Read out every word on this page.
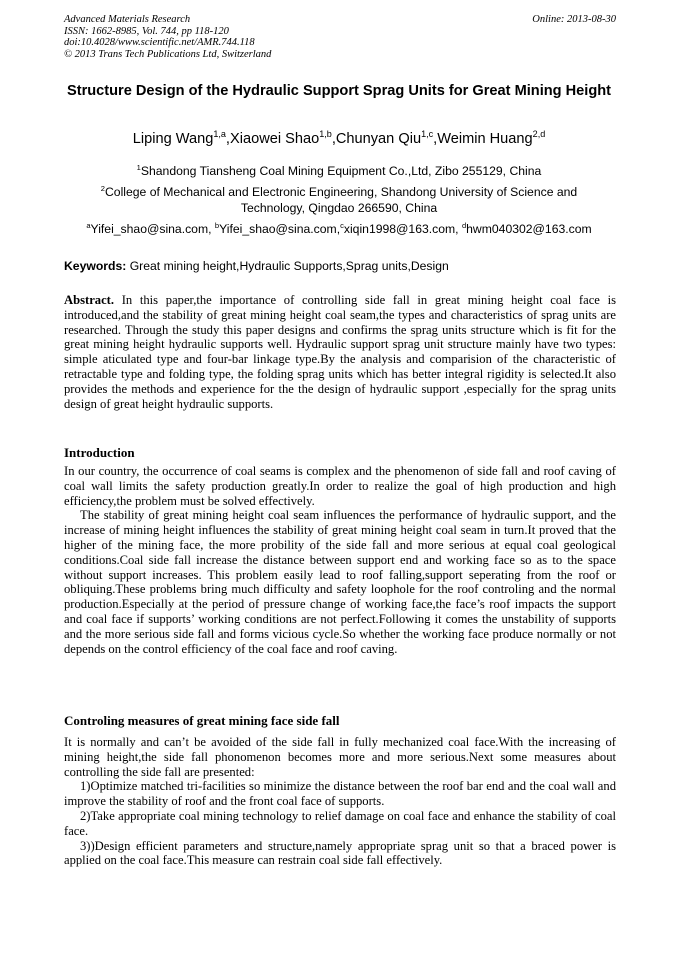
Advanced Materials Research
ISSN: 1662-8985, Vol. 744, pp 118-120
doi:10.4028/www.scientific.net/AMR.744.118
© 2013 Trans Tech Publications Ltd, Switzerland
Online: 2013-08-30
Structure Design of the Hydraulic Support Sprag Units for Great Mining Height
Liping Wang$^{1,a}$,Xiaowei Shao$^{1,b}$,Chunyan Qiu$^{1,c}$,Weimin Huang$^{2,d}$
$^1$Shandong Tiansheng Coal Mining Equipment Co.,Ltd, Zibo 255129, China
$^2$College of Mechanical and Electronic Engineering, Shandong University of Science and Technology, Qingdao 266590, China
$^a$Yifei_shao@sina.com, $^b$Yifei_shao@sina.com,$^c$xiqin1998@163.com, $^d$hwm040302@163.com
Keywords: Great mining height,Hydraulic Supports,Sprag units,Design

Abstract. In this paper,the importance of controlling side fall in great mining height coal face is introduced,and the stability of great mining height coal seam,the types and characteristics of sprag units are researched. Through the study this paper designs and confirms the sprag units structure which is fit for the great mining height hydraulic supports well. Hydraulic support sprag unit structure mainly have two types: simple aticulated type and four-bar linkage type.By the analysis and comparision of the characteristic of retractable type and folding type, the folding sprag units which has better integral rigidity is selected.It also provides the methods and experience for the the design of hydraulic support ,especially for the sprag units design of great height hydraulic supports.

Introduction

In our country, the occurrence of coal seams is complex and the phenomenon of side fall and roof caving of coal wall limits the safety production greatly.In order to realize the goal of high production and high efficiency,the problem must be solved effectively.

The stability of great mining height coal seam influences the performance of hydraulic support, and the increase of mining height influences the stability of great mining height coal seam in turn.It proved that the higher of the mining face, the more probility of the side fall and more serious at equal coal geological conditions.Coal side fall increase the distance between support end and working face so as to the space without support increases. This problem easily lead to roof falling,support seperating from the roof or obliquing.These problems bring much difficulty and safety loophole for the roof controling and the normal production.Especially at the period of pressure change of working face,the face’s roof impacts the support and coal face if supports’ working conditions are not perfect.Following it comes the unstability of supports and the more serious side fall and forms vicious cycle.So whether the working face produce normally or not depends on the control efficiency of the coal face and roof caving.

Controling measures of great mining face side fall

It is normally and can’t be avoided of the side fall in fully mechanized coal face.With the increasing of mining height,the side fall phonomenon becomes more and more serious.Next some measures about controlling the side fall are presented:

1)Optimize matched tri-facilities so minimize the distance between the roof bar end and the coal wall and improve the stability of roof and the front coal face of supports.

2)Take appropriate coal mining technology to relief damage on coal face and enhance the stability of coal face.

3))Design efficient parameters and structure,namely appropriate sprag unit so that a braced power is applied on the coal face.This measure can restrain coal side fall effectively.
